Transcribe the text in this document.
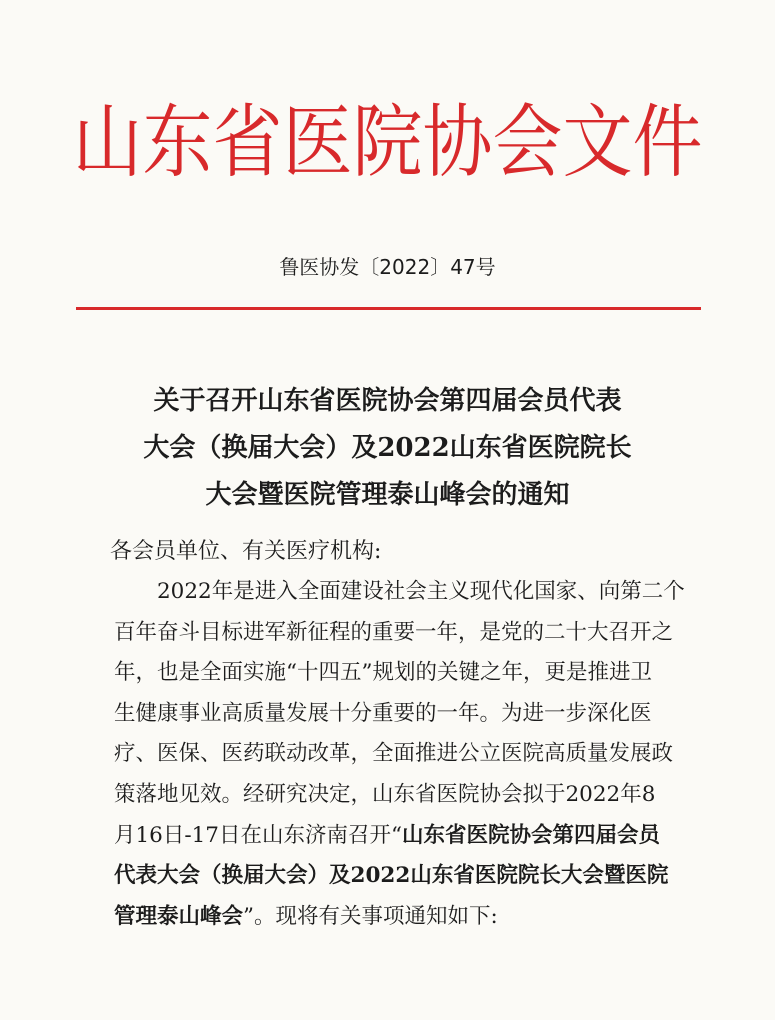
山东省医院协会文件
鲁医协发〔2022〕47号
关于召开山东省医院协会第四届会员代表
大会（换届大会）及2022山东省医院院长
大会暨医院管理泰山峰会的通知
各会员单位、有关医疗机构:
2022年是进入全面建设社会主义现代化国家、向第二个
百年奋斗目标进军新征程的重要一年，是党的二十大召开之
年，也是全面实施“十四五”规划的关键之年，更是推进卫
生健康事业高质量发展十分重要的一年。为进一步深化医
疗、医保、医药联动改革，全面推进公立医院高质量发展政
策落地见效。经研究决定，山东省医院协会拟于2022年8
月16日-17日在山东济南召开“山东省医院协会第四届会员
代表大会（换届大会）及2022山东省医院院长大会暨医院
管理泰山峰会”。现将有关事项通知如下:
